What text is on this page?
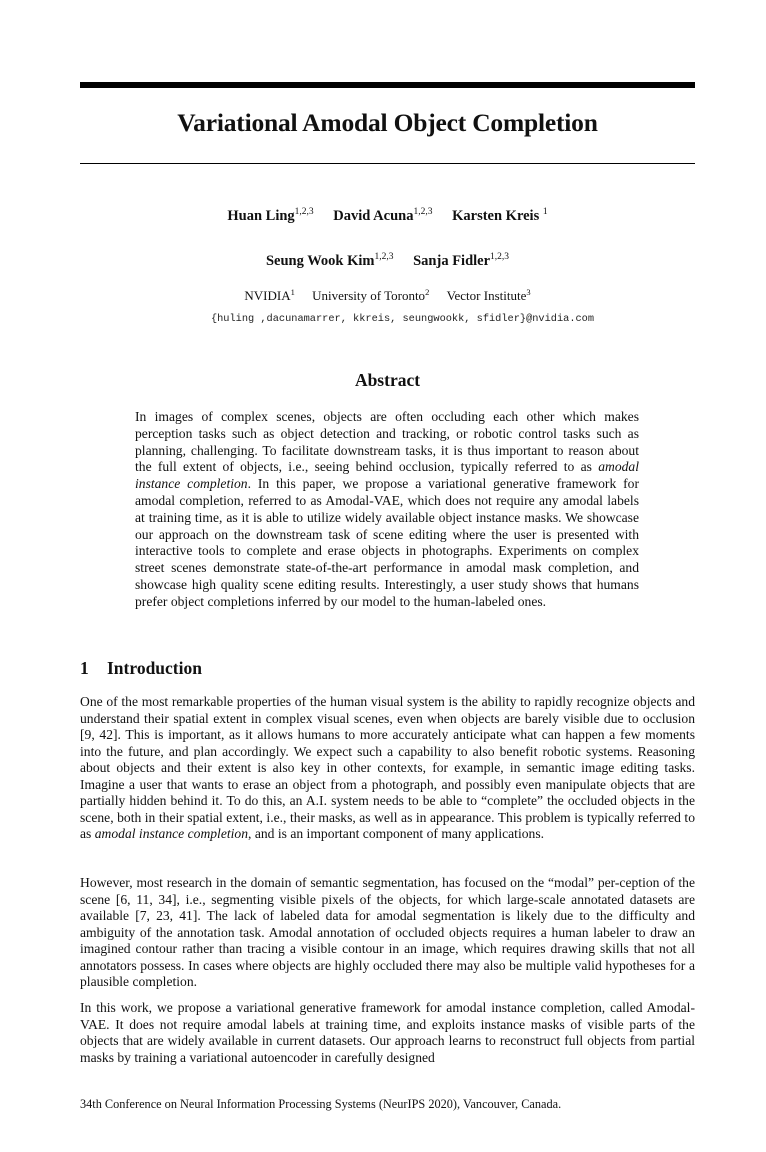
Variational Amodal Object Completion
Huan Ling$^{1,2,3}$ David Acuna$^{1,2,3}$ Karsten Kreis $^1$
Seung Wook Kim$^{1,2,3}$ Sanja Fidler$^{1,2,3}$
NVIDIA$^1$ University of Toronto$^2$ Vector Institute$^3$
{huling ,dacunamarrer, kkreis, seungwookk, sfidler}@nvidia.com
Abstract

In images of complex scenes, objects are often occluding each other which makes perception tasks such as object detection and tracking, or robotic control tasks such as planning, challenging. To facilitate downstream tasks, it is thus important to reason about the full extent of objects, i.e., seeing behind occlusion, typically referred to as amodal instance completion. In this paper, we propose a variational generative framework for amodal completion, referred to as Amodal-VAE, which does not require any amodal labels at training time, as it is able to utilize widely available object instance masks. We showcase our approach on the downstream task of scene editing where the user is presented with interactive tools to complete and erase objects in photographs. Experiments on complex street scenes demonstrate state-of-the-art performance in amodal mask completion, and showcase high quality scene editing results. Interestingly, a user study shows that humans prefer object completions inferred by our model to the human-labeled ones.

1 Introduction

One of the most remarkable properties of the human visual system is the ability to rapidly recognize objects and understand their spatial extent in complex visual scenes, even when objects are barely visible due to occlusion [9, 42]. This is important, as it allows humans to more accurately anticipate what can happen a few moments into the future, and plan accordingly. We expect such a capability to also benefit robotic systems. Reasoning about objects and their extent is also key in other contexts, for example, in semantic image editing tasks. Imagine a user that wants to erase an object from a photograph, and possibly even manipulate objects that are partially hidden behind it. To do this, an A.I. system needs to be able to “complete” the occluded objects in the scene, both in their spatial extent, i.e., their masks, as well as in appearance. This problem is typically referred to as amodal instance completion, and is an important component of many applications.

However, most research in the domain of semantic segmentation, has focused on the “modal” per-ception of the scene [6, 11, 34], i.e., segmenting visible pixels of the objects, for which large-scale annotated datasets are available [7, 23, 41]. The lack of labeled data for amodal segmentation is likely due to the difficulty and ambiguity of the annotation task. Amodal annotation of occluded objects requires a human labeler to draw an imagined contour rather than tracing a visible contour in an image, which requires drawing skills that not all annotators possess. In cases where objects are highly occluded there may also be multiple valid hypotheses for a plausible completion.

In this work, we propose a variational generative framework for amodal instance completion, called Amodal-VAE. It does not require amodal labels at training time, and exploits instance masks of visible parts of the objects that are widely available in current datasets. Our approach learns to reconstruct full objects from partial masks by training a variational autoencoder in carefully designed

34th Conference on Neural Information Processing Systems (NeurIPS 2020), Vancouver, Canada.
